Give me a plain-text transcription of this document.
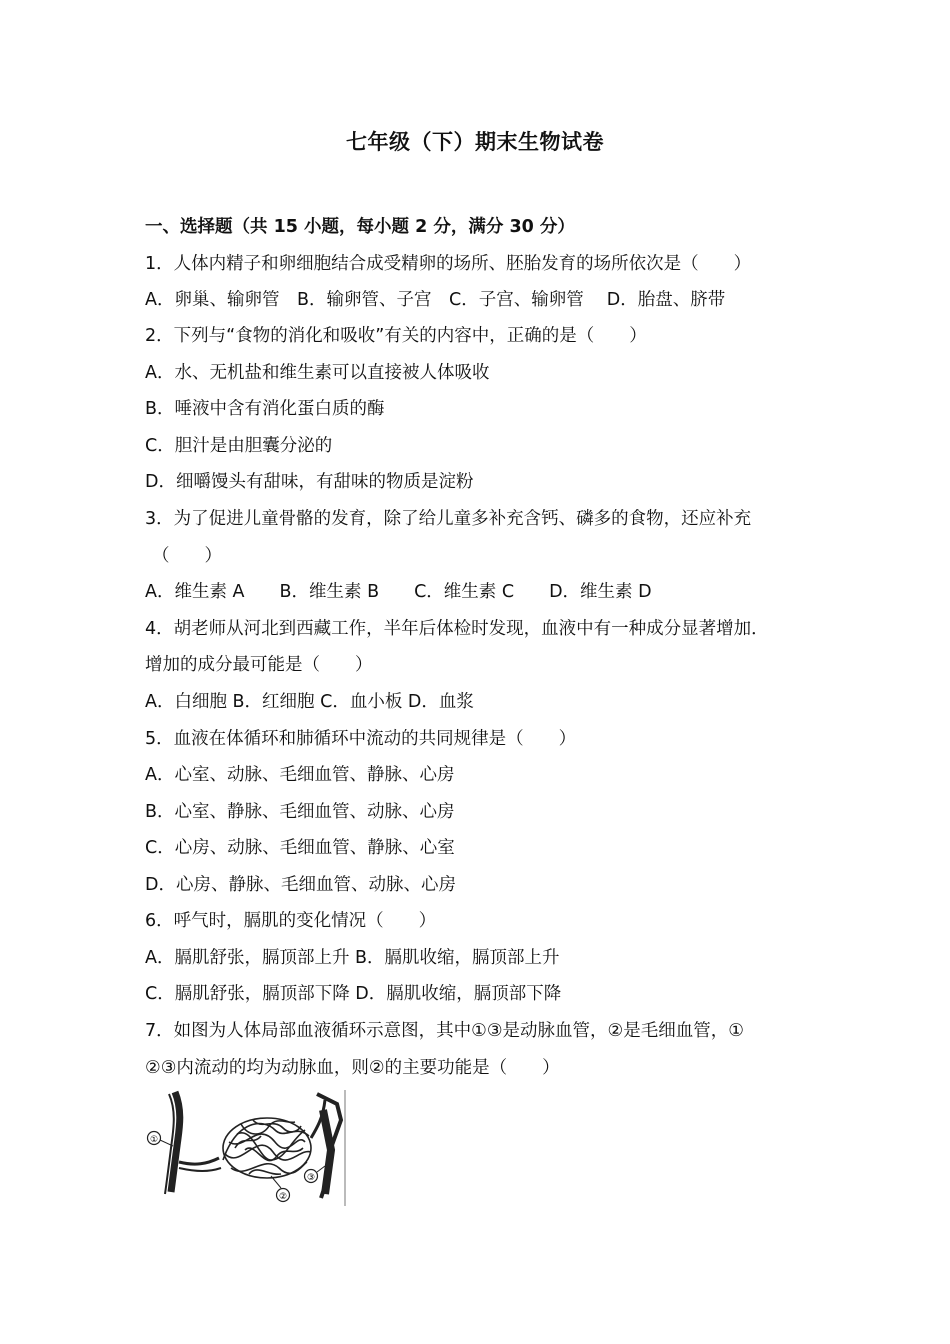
七年级（下）期末生物试卷
一、选择题（共 15 小题，每小题 2 分，满分 30 分）
1．人体内精子和卵细胞结合成受精卵的场所、胚胎发育的场所依次是（　　）
A．卵巢、输卵管　B．输卵管、子宫　C．子宫、输卵管　 D．胎盘、脐带
2．下列与“食物的消化和吸收”有关的内容中，正确的是（　　）
A．水、无机盐和维生素可以直接被人体吸收
B．唾液中含有消化蛋白质的酶
C．胆汁是由胆囊分泌的
D．细嚼馒头有甜味，有甜味的物质是淀粉
3．为了促进儿童骨骼的发育，除了给儿童多补充含钙、磷多的食物，还应补充
（　　）
A．维生素 A　　B．维生素 B　　C．维生素 C　　D．维生素 D
4．胡老师从河北到西藏工作，半年后体检时发现，血液中有一种成分显著增加．
增加的成分最可能是（　　）
A．白细胞 B．红细胞 C．血小板 D．血浆
5．血液在体循环和肺循环中流动的共同规律是（　　）
A．心室、动脉、毛细血管、静脉、心房
B．心室、静脉、毛细血管、动脉、心房
C．心房、动脉、毛细血管、静脉、心室
D．心房、静脉、毛细血管、动脉、心房
6．呼气时，膈肌的变化情况（　　）
A．膈肌舒张，膈顶部上升 B．膈肌收缩，膈顶部上升
C．膈肌舒张，膈顶部下降 D．膈肌收缩，膈顶部下降
7．如图为人体局部血液循环示意图，其中①③是动脉血管，②是毛细血管，①
②③内流动的均为动脉血，则②的主要功能是（　　）
①
②
③
